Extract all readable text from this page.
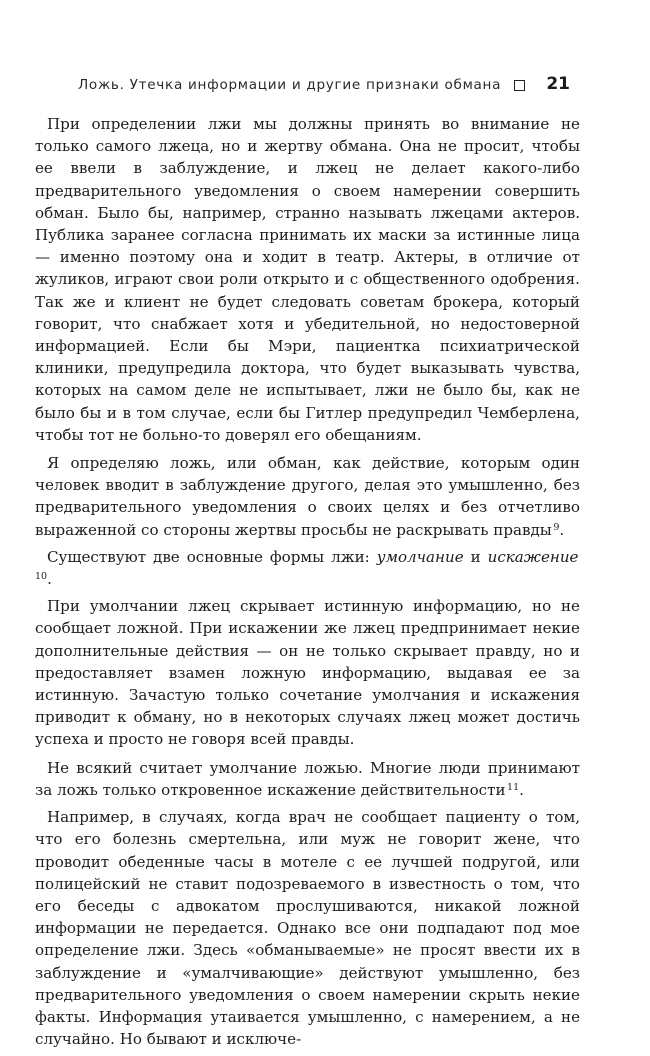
Ложь. Утечка информации и другие признаки обмана	21

При определении лжи мы должны принять во внимание не только самого лжеца, но и жертву обмана. Она не просит, чтобы ее ввели в заблуждение, и лжец не делает какого-либо предварительного уведомления о своем намерении совершить обман. Было бы, например, странно называть лжецами актеров. Публика заранее согласна принимать их маски за истинные лица — именно поэтому она и ходит в театр. Актеры, в отличие от жуликов, играют свои роли открыто и с общественного одобрения. Так же и клиент не будет следовать советам брокера, который говорит, что снабжает хотя и убедительной, но недостоверной информацией. Если бы Мэри, пациентка психиатрической клиники, предупредила доктора, что будет выказывать чувства, которых на самом деле не испытывает, лжи не было бы, как не было бы и в том случае, если бы Гитлер предупредил Чемберлена, чтобы тот не больно-то доверял его обещаниям.

Я определяю ложь, или обман, как действие, которым один человек вводит в заблуждение другого, делая это умышленно, без предварительного уведомления о своих целях и без отчетливо выраженной со стороны жертвы просьбы не раскрывать правды  $^9$.

Существуют две основные формы лжи: умолчание и искажение $^{10}$.

При умолчании лжец скрывает истинную информацию, но не сообщает ложной. При искажении же лжец предпринимает некие дополнительные действия — он не только скрывает правду, но и предоставляет взамен ложную информацию, выдавая ее за истинную. Зачастую только сочетание умолчания и искажения приводит к обману, но в некоторых случаях лжец может достичь успеха и просто не говоря всей правды.

Не всякий считает умолчание ложью. Многие люди принимают за ложь только откровенное искажение действительности  $^{11}$.

Например, в случаях, когда врач не сообщает пациенту о том, что его болезнь смертельна, или муж не говорит жене, что проводит обеденные часы в мотеле с ее лучшей подругой, или полицейский не ставит подозреваемого в известность о том, что его беседы с адвокатом прослушиваются, никакой ложной информации не передается. Однако все они подпадают под мое определение лжи. Здесь «обманываемые» не просят ввести их в заблуждение и «умалчивающие» действуют умышленно, без предварительного уведомления о своем намерении скрыть некие факты. Информация утаивается умышленно, с намерением, а не случайно. Но бывают и исключе-
